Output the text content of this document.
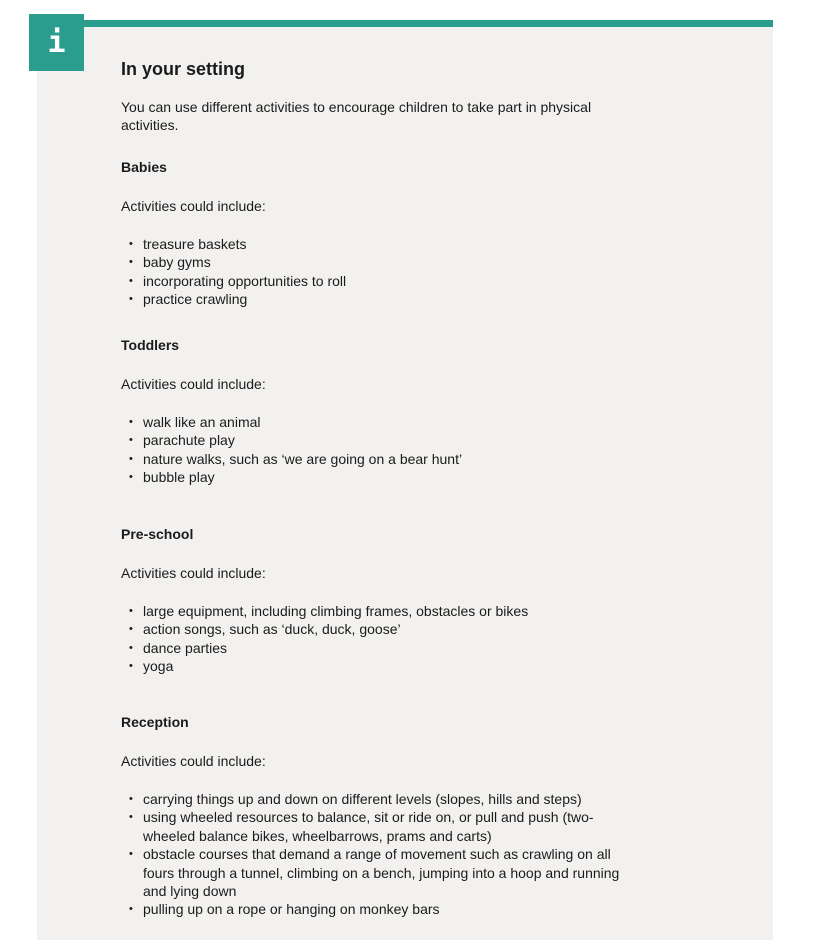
i
In your setting

You can use different activities to encourage children to take part in physical activities.

Babies

Activities could include:

• treasure baskets
• baby gyms
• incorporating opportunities to roll
• practice crawling
Toddlers

Activities could include:

• walk like an animal
• parachute play
• nature walks, such as ‘we are going on a bear hunt’
• bubble play
Pre-school

Activities could include:

• large equipment, including climbing frames, obstacles or bikes
• action songs, such as ‘duck, duck, goose’
• dance parties
• yoga
Reception

Activities could include:

• carrying things up and down on different levels (slopes, hills and steps)
• using wheeled resources to balance, sit or ride on, or pull and push (two-wheeled balance bikes, wheelbarrows, prams and carts)
• obstacle courses that demand a range of movement such as crawling on all fours through a tunnel, climbing on a bench, jumping into a hoop and running and lying down
• pulling up on a rope or hanging on monkey bars
